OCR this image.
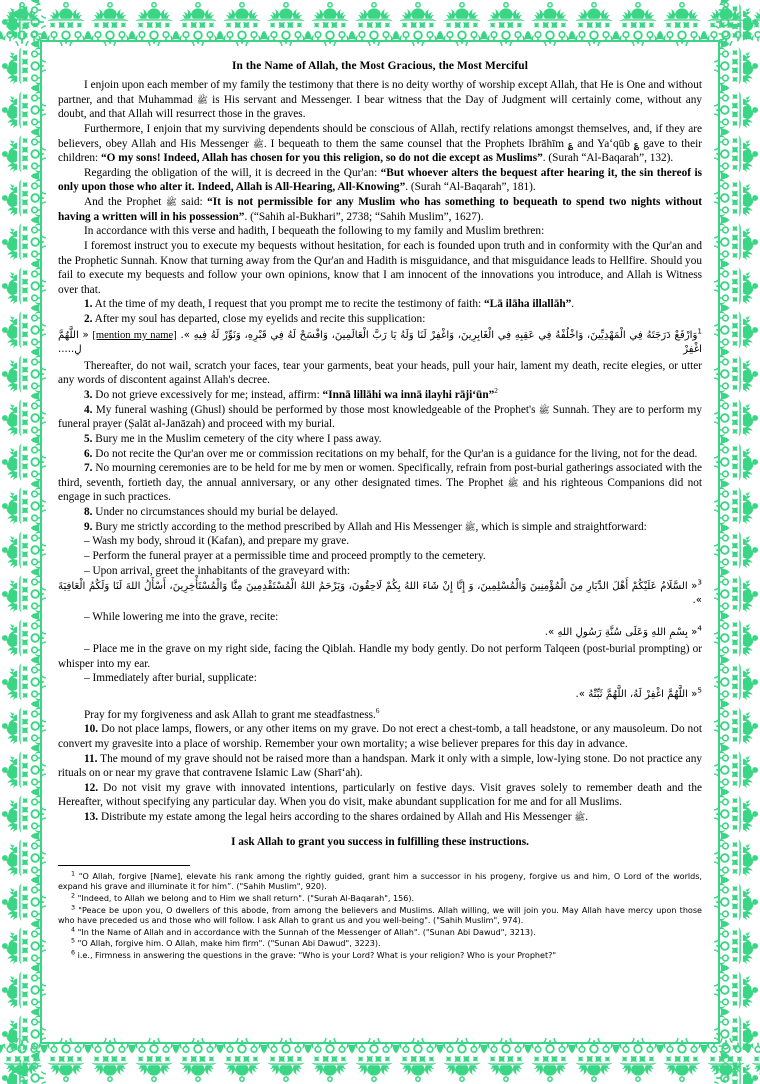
In the Name of Allah, the Most Gracious, the Most Merciful

I enjoin upon each member of my family the testimony that there is no deity worthy of worship except Allah, that He is One and without partner, and that Muhammad ﷺ is His servant and Messenger. I bear witness that the Day of Judgment will certainly come, without any doubt, and that Allah will resurrect those in the graves.

Furthermore, I enjoin that my surviving dependents should be conscious of Allah, rectify relations amongst themselves, and, if they are believers, obey Allah and His Messenger ﷺ. I bequeath to them the same counsel that the Prophets Ibrāhīm ؏ and Yaʻqūb ؏ gave to their children: “O my sons! Indeed, Allah has chosen for you this religion, so do not die except as Muslims”. (Surah “Al-Baqarah”, 132).

Regarding the obligation of the will, it is decreed in the Qur'an: “But whoever alters the bequest after hearing it, the sin thereof is only upon those who alter it. Indeed, Allah is All-Hearing, All-Knowing”. (Surah “Al-Baqarah”, 181).

And the Prophet ﷺ said: “It is not permissible for any Muslim who has something to bequeath to spend two nights without having a written will in his possession”. (“Sahih al-Bukhari”, 2738; “Sahih Muslim”, 1627).

In accordance with this verse and hadith, I bequeath the following to my family and Muslim brethren:

I foremost instruct you to execute my bequests without hesitation, for each is founded upon truth and in conformity with the Qur'an and the Prophetic Sunnah. Know that turning away from the Qur'an and Hadith is misguidance, and that misguidance leads to Hellfire. Should you fail to execute my bequests and follow your own opinions, know that I am innocent of the innovations you introduce, and Allah is Witness over that.

1. At the time of my death, I request that you prompt me to recite the testimony of faith: “Lā ilāha illallāh”.

2. After my soul has departed, close my eyelids and recite this supplication:

$^1$وَارْفَعْ دَرَجَتَهُ فِي الْمَهْدِيِّينَ، وَاخْلُفْهُ فِي عَقِبِهِ فِي الْغَابِرِينَ، وَاغْفِرْ لَنَا وَلَهُ يَا رَبَّ الْعَالَمِينَ، وَافْسَحْ لَهُ فِي قَبْرِهِ، وَنَوِّرْ لَهُ فِيهِ ». [mention my name] « اللَّهُمَّ اغْفِرْ لِ.....

Thereafter, do not wail, scratch your faces, tear your garments, beat your heads, pull your hair, lament my death, recite elegies, or utter any words of discontent against Allah's decree.

3. Do not grieve excessively for me; instead, affirm: “Innā lillāhi wa innā ilayhi rājiʻūn”$^2$

4. My funeral washing (Ghusl) should be performed by those most knowledgeable of the Prophet's ﷺ Sunnah. They are to perform my funeral prayer (Ṣalāt al-Janāzah) and proceed with my burial.

5. Bury me in the Muslim cemetery of the city where I pass away.

6. Do not recite the Qur'an over me or commission recitations on my behalf, for the Qur'an is a guidance for the living, not for the dead.

7. No mourning ceremonies are to be held for me by men or women. Specifically, refrain from post-burial gatherings associated with the third, seventh, fortieth day, the annual anniversary, or any other designated times. The Prophet ﷺ and his righteous Companions did not engage in such practices.

8. Under no circumstances should my burial be delayed.

9. Bury me strictly according to the method prescribed by Allah and His Messenger ﷺ, which is simple and straightforward:

– Wash my body, shroud it (Kafan), and prepare my grave.

– Perform the funeral prayer at a permissible time and proceed promptly to the cemetery.

– Upon arrival, greet the inhabitants of the graveyard with:

$^3$« السَّلَامُ عَلَيْكُمْ أَهْلَ الدِّيَارِ مِنَ الْمُؤْمِنِينَ وَالْمُسْلِمِينَ، وَ إِنَّا إِنْ شَاءَ اللهُ بِكُمْ لَاحِقُونَ، وَيَرْحَمُ اللهُ الْمُسْتَقْدِمِينَ مِنَّا وَالْمُسْتَأْخِرِينَ، أَسْأَلُ اللهَ لَنَا وَلَكُمُ الْعَافِيَةَ ».

– While lowering me into the grave, recite:

$^4$« بِسْمِ اللهِ وَعَلَى سُنَّةِ رَسُولِ اللهِ ».

– Place me in the grave on my right side, facing the Qiblah. Handle my body gently. Do not perform Talqeen (post-burial prompting) or whisper into my ear.

– Immediately after burial, supplicate:

$^5$« اللَّهُمَّ اغْفِرْ لَهُ، اللَّهُمَّ ثَبِّتْهُ ».

Pray for my forgiveness and ask Allah to grant me steadfastness.$^6$

10. Do not place lamps, flowers, or any other items on my grave. Do not erect a chest-tomb, a tall headstone, or any mausoleum. Do not convert my gravesite into a place of worship. Remember your own mortality; a wise believer prepares for this day in advance.

11. The mound of my grave should not be raised more than a handspan. Mark it only with a simple, low-lying stone. Do not practice any rituals on or near my grave that contravene Islamic Law (Sharīʻah).

12. Do not visit my grave with innovated intentions, particularly on festive days. Visit graves solely to remember death and the Hereafter, without specifying any particular day. When you do visit, make abundant supplication for me and for all Muslims.

13. Distribute my estate among the legal heirs according to the shares ordained by Allah and His Messenger ﷺ.

I ask Allah to grant you success in fulfilling these instructions.

$^1$ “O Allah, forgive [Name], elevate his rank among the rightly guided, grant him a successor in his progeny, forgive us and him, O Lord of the worlds, expand his grave and illuminate it for him”. ("Sahih Muslim", 920).

$^2$ "Indeed, to Allah we belong and to Him we shall return". ("Surah Al-Baqarah", 156).

$^3$ "Peace be upon you, O dwellers of this abode, from among the believers and Muslims. Allah willing, we will join you. May Allah have mercy upon those who have preceded us and those who will follow. I ask Allah to grant us and you well-being". ("Sahih Muslim", 974).

$^4$ "In the Name of Allah and in accordance with the Sunnah of the Messenger of Allah". ("Sunan Abi Dawud", 3213).

$^5$ "O Allah, forgive him. O Allah, make him firm". ("Sunan Abi Dawud", 3223).

$^6$ i.e., Firmness in answering the questions in the grave: "Who is your Lord? What is your religion? Who is your Prophet?"
